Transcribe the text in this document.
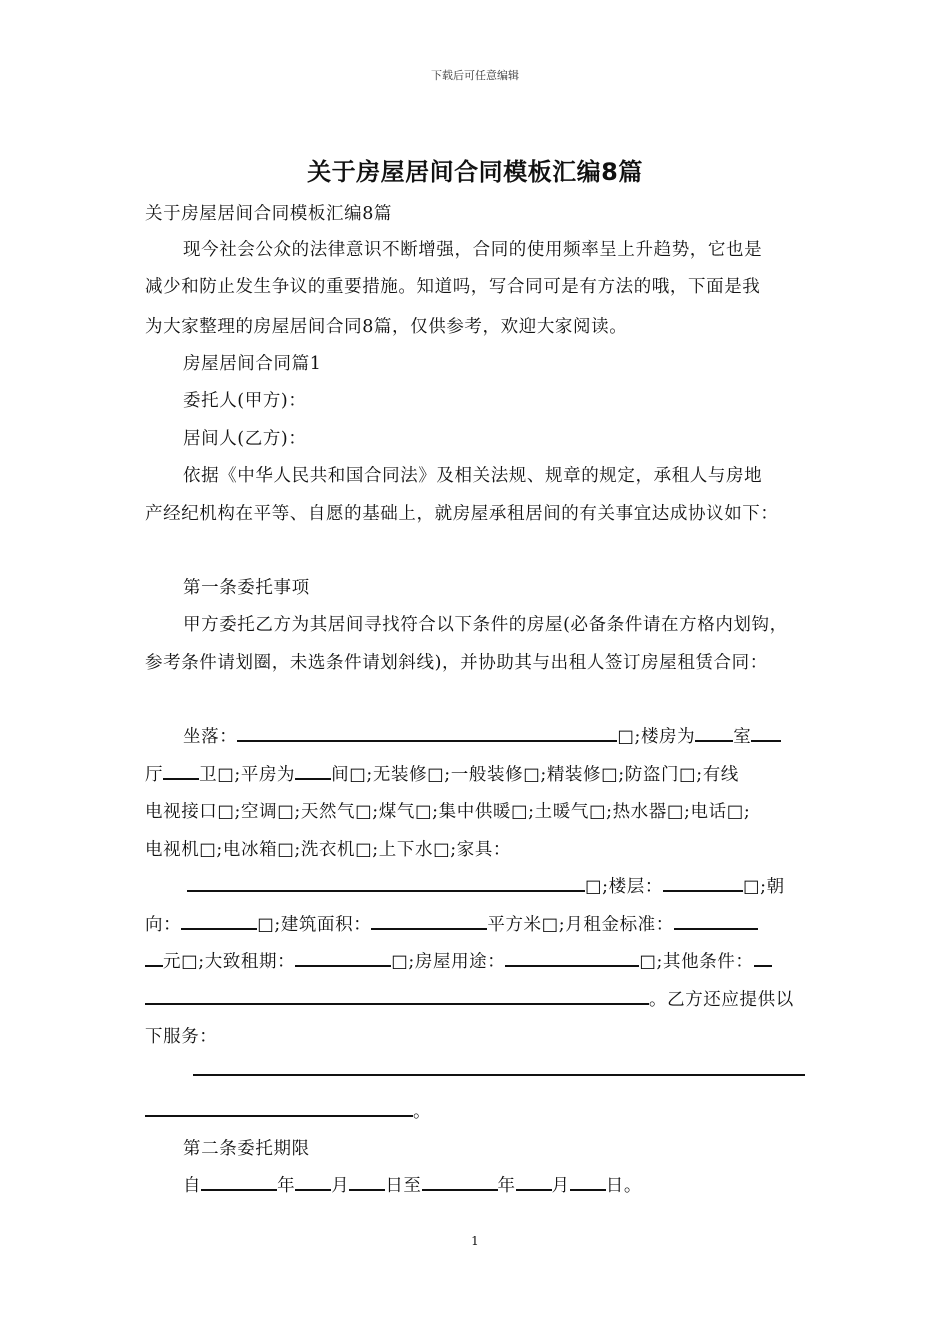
下载后可任意编辑
关于房屋居间合同模板汇编8篇
关于房屋居间合同模板汇编8篇
现今社会公众的法律意识不断增强，合同的使用频率呈上升趋势，它也是
减少和防止发生争议的重要措施。知道吗，写合同可是有方法的哦，下面是我
为大家整理的房屋居间合同8篇，仅供参考，欢迎大家阅读。
房屋居间合同篇1
委托人(甲方)：
居间人(乙方)：
依据《中华人民共和国合同法》及相关法规、规章的规定，承租人与房地
产经纪机构在平等、自愿的基础上，就房屋承租居间的有关事宜达成协议如下：
第一条委托事项
甲方委托乙方为其居间寻找符合以下条件的房屋(必备条件请在方格内划钩，
参考条件请划圈，未选条件请划斜线)，并协助其与出租人签订房屋租赁合同：
坐落：	□;楼房为 室
厅 卫□;平房为 间□;无装修□;一般装修□;精装修□;防盗门□;有线
电视接口□;空调□;天然气□;煤气□;集中供暖□;土暖气□;热水器□;电话□;
电视机□;电冰箱□;洗衣机□;上下水□;家具：
□;楼层：	□;朝
向：	□;建筑面积：	平方米□;月租金标准：
元□;大致租期：	□;房屋用途：	□;其他条件：
。乙方还应提供以
下服务：
。
第二条委托期限
自	年 月 日至	年 月 日。
1
